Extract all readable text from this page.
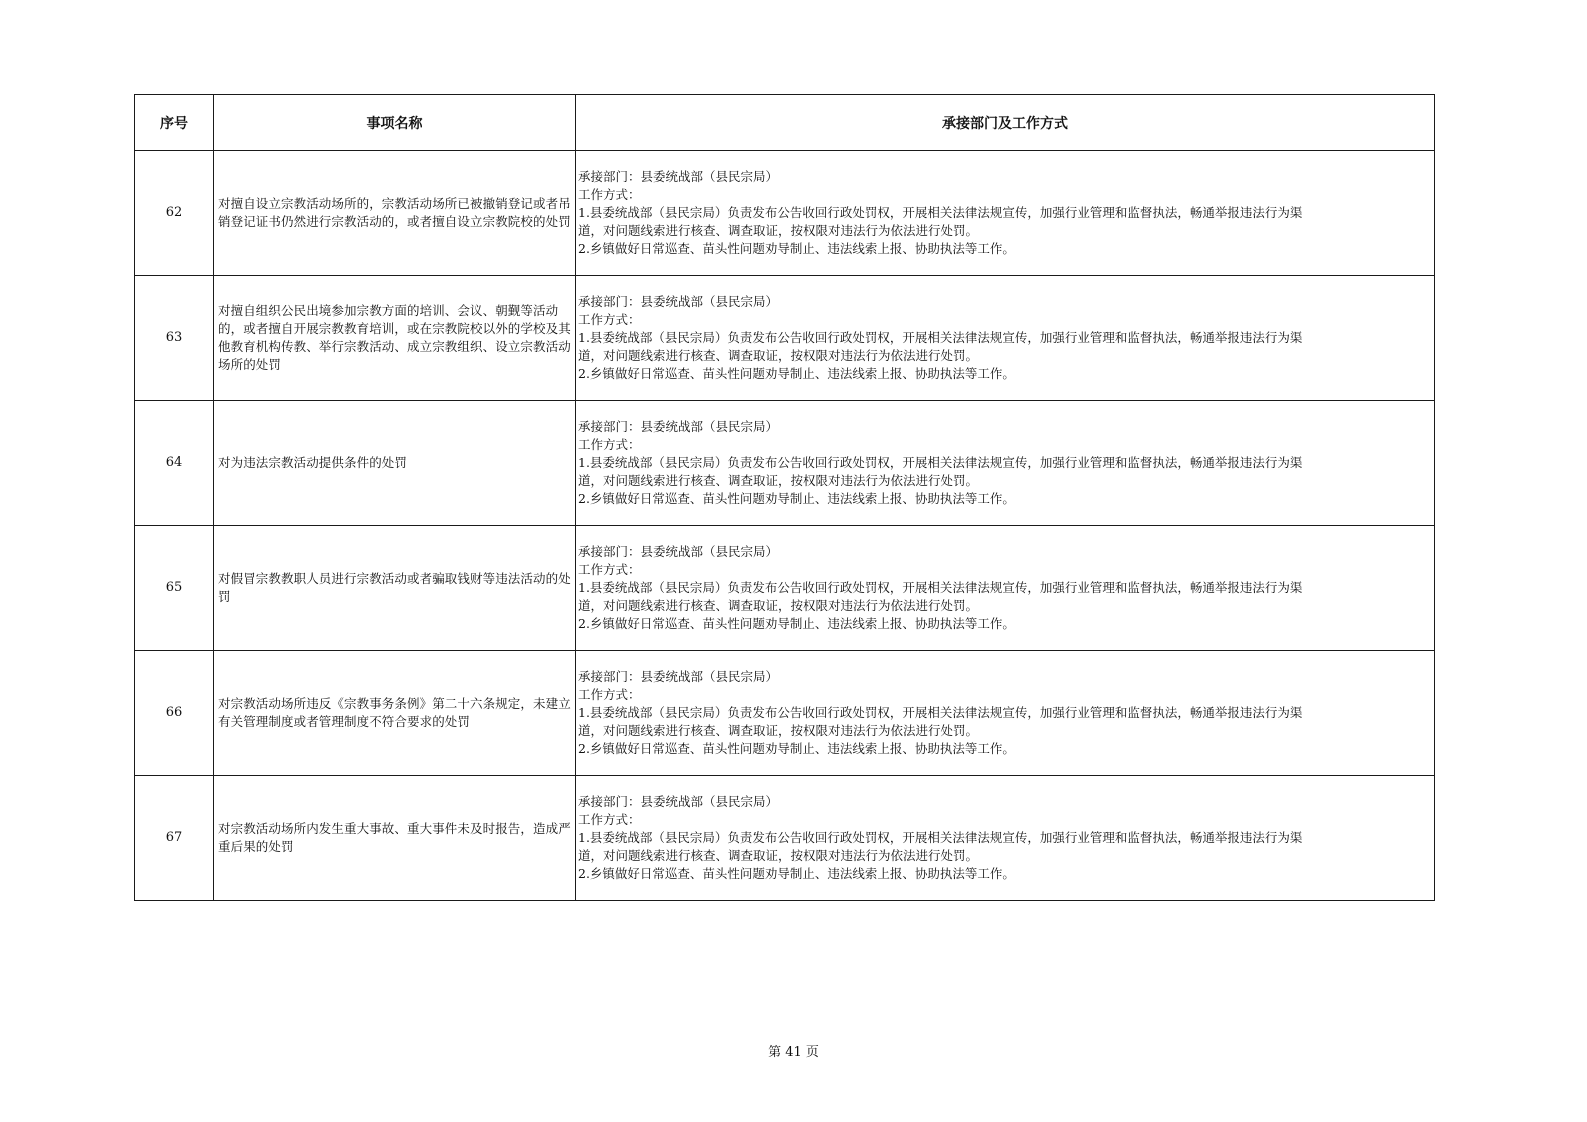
序号	事项名称	承接部门及工作方式
62	对擅自设立宗教活动场所的，宗教活动场所已被撤销登记或者吊销登记证书仍然进行宗教活动的，或者擅自设立宗教院校的处罚	承接部门：县委统战部（县民宗局）
工作方式：
1.县委统战部（县民宗局）负责发布公告收回行政处罚权，开展相关法律法规宣传，加强行业管理和监督执法，畅通举报违法行为渠
道，对问题线索进行核查、调查取证，按权限对违法行为依法进行处罚。
2.乡镇做好日常巡查、苗头性问题劝导制止、违法线索上报、协助执法等工作。

63	对擅自组织公民出境参加宗教方面的培训、会议、朝觐等活动的，或者擅自开展宗教教育培训，或在宗教院校以外的学校及其他教育机构传教、举行宗教活动、成立宗教组织、设立宗教活动场所的处罚	承接部门：县委统战部（县民宗局）
工作方式：
1.县委统战部（县民宗局）负责发布公告收回行政处罚权，开展相关法律法规宣传，加强行业管理和监督执法，畅通举报违法行为渠
道，对问题线索进行核查、调查取证，按权限对违法行为依法进行处罚。
2.乡镇做好日常巡查、苗头性问题劝导制止、违法线索上报、协助执法等工作。

64	对为违法宗教活动提供条件的处罚	承接部门：县委统战部（县民宗局）
工作方式：
1.县委统战部（县民宗局）负责发布公告收回行政处罚权，开展相关法律法规宣传，加强行业管理和监督执法，畅通举报违法行为渠
道，对问题线索进行核查、调查取证，按权限对违法行为依法进行处罚。
2.乡镇做好日常巡查、苗头性问题劝导制止、违法线索上报、协助执法等工作。

65	对假冒宗教教职人员进行宗教活动或者骗取钱财等违法活动的处罚	承接部门：县委统战部（县民宗局）
工作方式：
1.县委统战部（县民宗局）负责发布公告收回行政处罚权，开展相关法律法规宣传，加强行业管理和监督执法，畅通举报违法行为渠
道，对问题线索进行核查、调查取证，按权限对违法行为依法进行处罚。
2.乡镇做好日常巡查、苗头性问题劝导制止、违法线索上报、协助执法等工作。

66	对宗教活动场所违反《宗教事务条例》第二十六条规定，未建立有关管理制度或者管理制度不符合要求的处罚	承接部门：县委统战部（县民宗局）
工作方式：
1.县委统战部（县民宗局）负责发布公告收回行政处罚权，开展相关法律法规宣传，加强行业管理和监督执法，畅通举报违法行为渠
道，对问题线索进行核查、调查取证，按权限对违法行为依法进行处罚。
2.乡镇做好日常巡查、苗头性问题劝导制止、违法线索上报、协助执法等工作。

67	对宗教活动场所内发生重大事故、重大事件未及时报告，造成严重后果的处罚	承接部门：县委统战部（县民宗局）
工作方式：
1.县委统战部（县民宗局）负责发布公告收回行政处罚权，开展相关法律法规宣传，加强行业管理和监督执法，畅通举报违法行为渠
道，对问题线索进行核查、调查取证，按权限对违法行为依法进行处罚。
2.乡镇做好日常巡查、苗头性问题劝导制止、违法线索上报、协助执法等工作。
第 41 页
